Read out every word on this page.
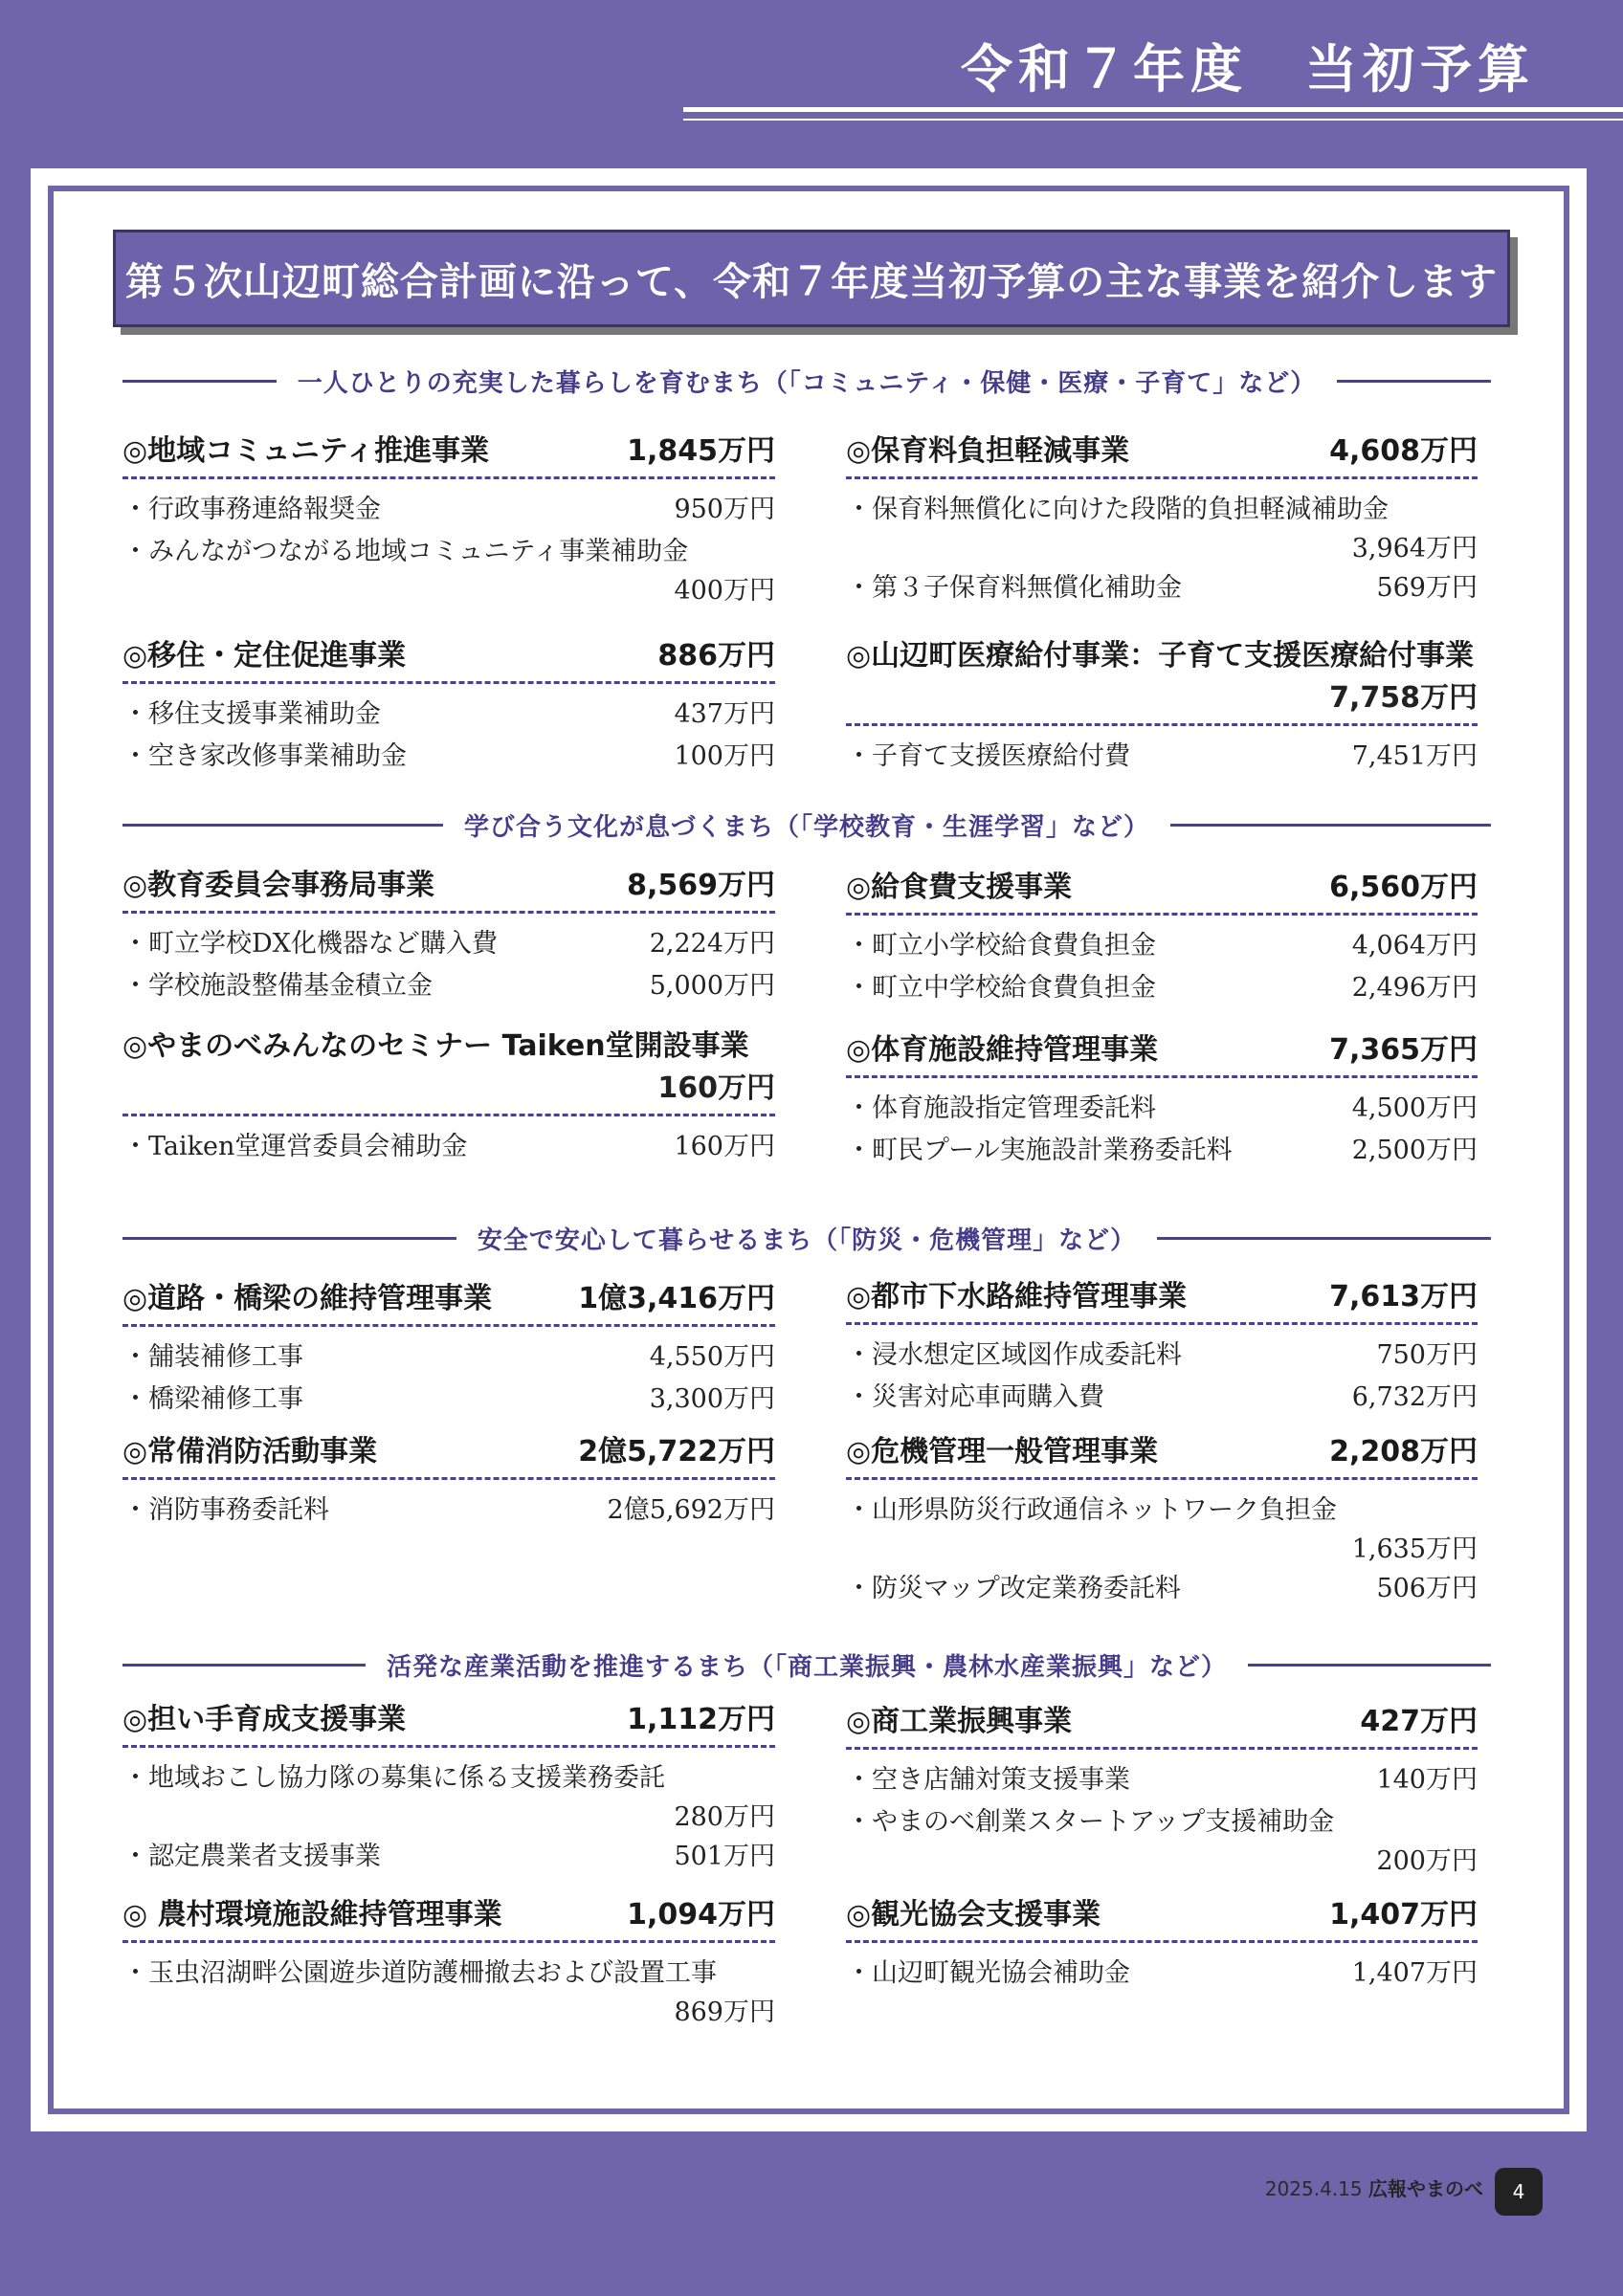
令和７年度　当初予算
第５次山辺町総合計画に沿って、令和７年度当初予算の主な事業を紹介します
一人ひとりの充実した暮らしを育むまち（「コミュニティ・保健・医療・子育て」など）
◎地域コミュニティ推進事業	1,845万円
・行政事務連絡報奨金	950万円
・みんながつながる地域コミュニティ事業補助金
400万円
◎保育料負担軽減事業	4,608万円
・保育料無償化に向けた段階的負担軽減補助金
3,964万円
・第３子保育料無償化補助金	569万円
◎移住・定住促進事業	886万円
・移住支援事業補助金	437万円
・空き家改修事業補助金	100万円
◎山辺町医療給付事業：子育て支援医療給付事業
7,758万円
・子育て支援医療給付費	7,451万円
学び合う文化が息づくまち（「学校教育・生涯学習」など）
◎教育委員会事務局事業	8,569万円
・町立学校DX化機器など購入費	2,224万円
・学校施設整備基金積立金	5,000万円
◎給食費支援事業	6,560万円
・町立小学校給食費負担金	4,064万円
・町立中学校給食費負担金	2,496万円
◎やまのべみんなのセミナー Taiken堂開設事業
160万円
・Taiken堂運営委員会補助金	160万円
◎体育施設維持管理事業	7,365万円
・体育施設指定管理委託料	4,500万円
・町民プール実施設計業務委託料	2,500万円
安全で安心して暮らせるまち（「防災・危機管理」など）
◎道路・橋梁の維持管理事業	1億3,416万円
・舗装補修工事	4,550万円
・橋梁補修工事	3,300万円
◎都市下水路維持管理事業	7,613万円
・浸水想定区域図作成委託料	750万円
・災害対応車両購入費	6,732万円
◎常備消防活動事業	2億5,722万円
・消防事務委託料	2億5,692万円
◎危機管理一般管理事業	2,208万円
・山形県防災行政通信ネットワーク負担金
1,635万円
・防災マップ改定業務委託料	506万円
活発な産業活動を推進するまち（「商工業振興・農林水産業振興」など）
◎担い手育成支援事業	1,112万円
・地域おこし協力隊の募集に係る支援業務委託
280万円
・認定農業者支援事業	501万円
◎商工業振興事業	427万円
・空き店舗対策支援事業	140万円
・やまのべ創業スタートアップ支援補助金
200万円
◎ 農村環境施設維持管理事業	1,094万円
・玉虫沼湖畔公園遊歩道防護柵撤去および設置工事
869万円
◎観光協会支援事業	1,407万円
・山辺町観光協会補助金	1,407万円
2025.4.15 広報やまのべ	4
